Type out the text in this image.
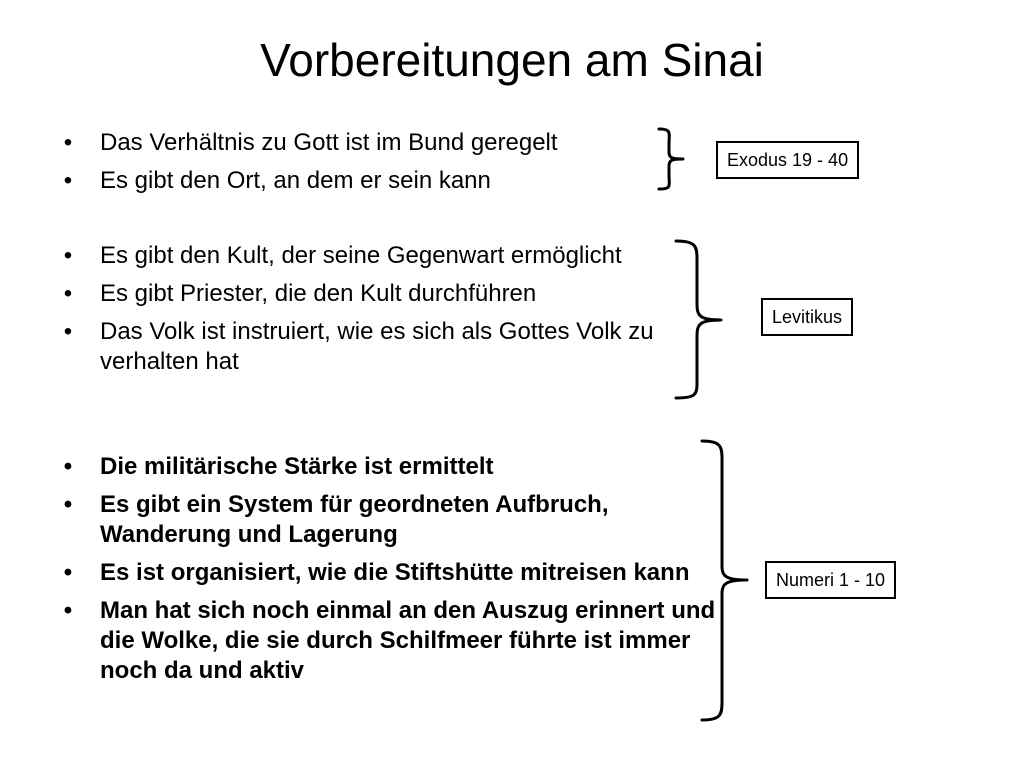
Vorbereitungen am Sinai
• Das Verhältnis zu Gott ist im Bund geregelt
• Es gibt den Ort, an dem er sein kann
• Es gibt den Kult, der seine Gegenwart ermöglicht
• Es gibt Priester, die den Kult durchführen
• Das Volk ist instruiert, wie es sich als Gottes Volk zu verhalten hat
• Die militärische Stärke ist ermittelt
• Es gibt ein System für geordneten Aufbruch, Wanderung und Lagerung
• Es ist organisiert, wie die Stiftshütte mitreisen kann
• Man hat sich noch einmal an den Auszug erinnert und die Wolke, die sie durch Schilfmeer führte ist immer noch da und aktiv
Exodus 19 - 40
Levitikus
Numeri 1 - 10
